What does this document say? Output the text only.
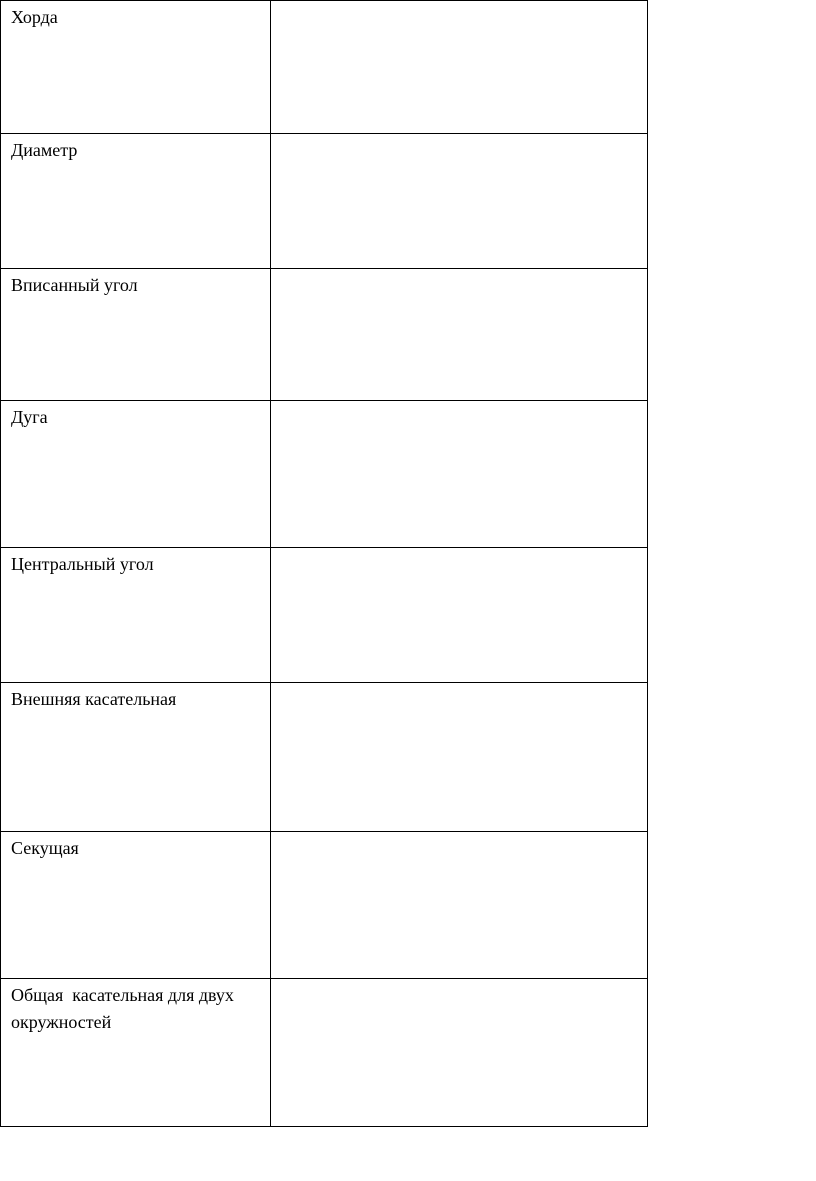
Хорда	

Диаметр	

Вписанный угол	

Дуга	

Центральный угол	

Внешняя касательная	

Секущая	

Общая  касательная для двух окружностей	
